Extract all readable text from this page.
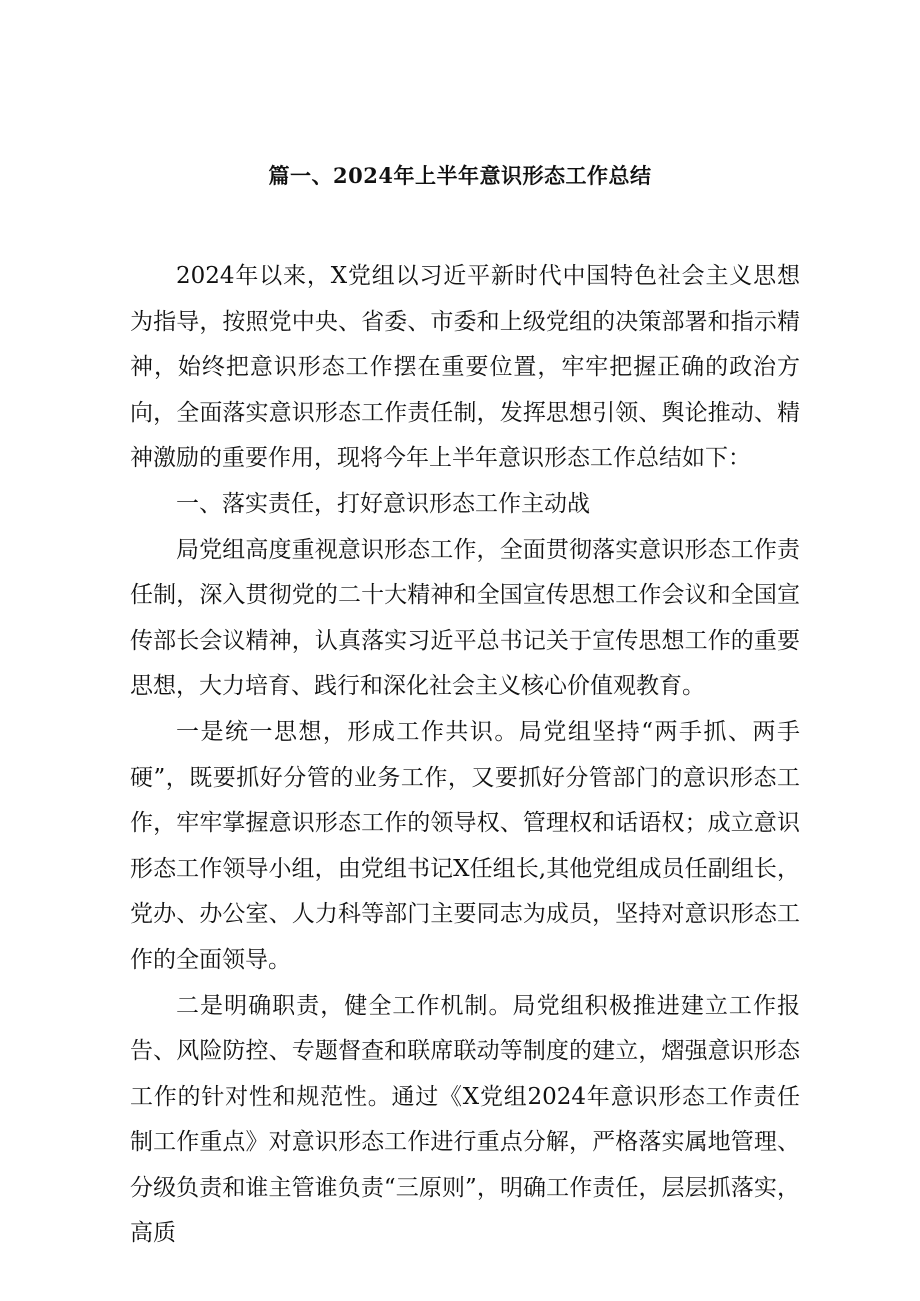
篇一、2024年上半年意识形态工作总结

2024年以来，X党组以习近平新时代中国特色社会主义思想为指导，按照党中央、省委、市委和上级党组的决策部署和指示精神，始终把意识形态工作摆在重要位置，牢牢把握正确的政治方向，全面落实意识形态工作责任制，发挥思想引领、舆论推动、精神激励的重要作用，现将今年上半年意识形态工作总结如下：

一、落实责任，打好意识形态工作主动战

局党组高度重视意识形态工作，全面贯彻落实意识形态工作责任制，深入贯彻党的二十大精神和全国宣传思想工作会议和全国宣传部长会议精神，认真落实习近平总书记关于宣传思想工作的重要思想，大力培育、践行和深化社会主义核心价值观教育。

一是统一思想，形成工作共识。局党组坚持“两手抓、两手硬”，既要抓好分管的业务工作，又要抓好分管部门的意识形态工作，牢牢掌握意识形态工作的领导权、管理权和话语权；成立意识形态工作领导小组，由党组书记X任组长,其他党组成员任副组长，党办、办公室、人力科等部门主要同志为成员，坚持对意识形态工作的全面领导。

二是明确职责，健全工作机制。局党组积极推进建立工作报告、风险防控、专题督查和联席联动等制度的建立，熠强意识形态工作的针对性和规范性。通过《X党组2024年意识形态工作责任制工作重点》对意识形态工作进行重点分解，严格落实属地管理、分级负责和谁主管谁负责“三原则”，明确工作责任，层层抓落实，高质
